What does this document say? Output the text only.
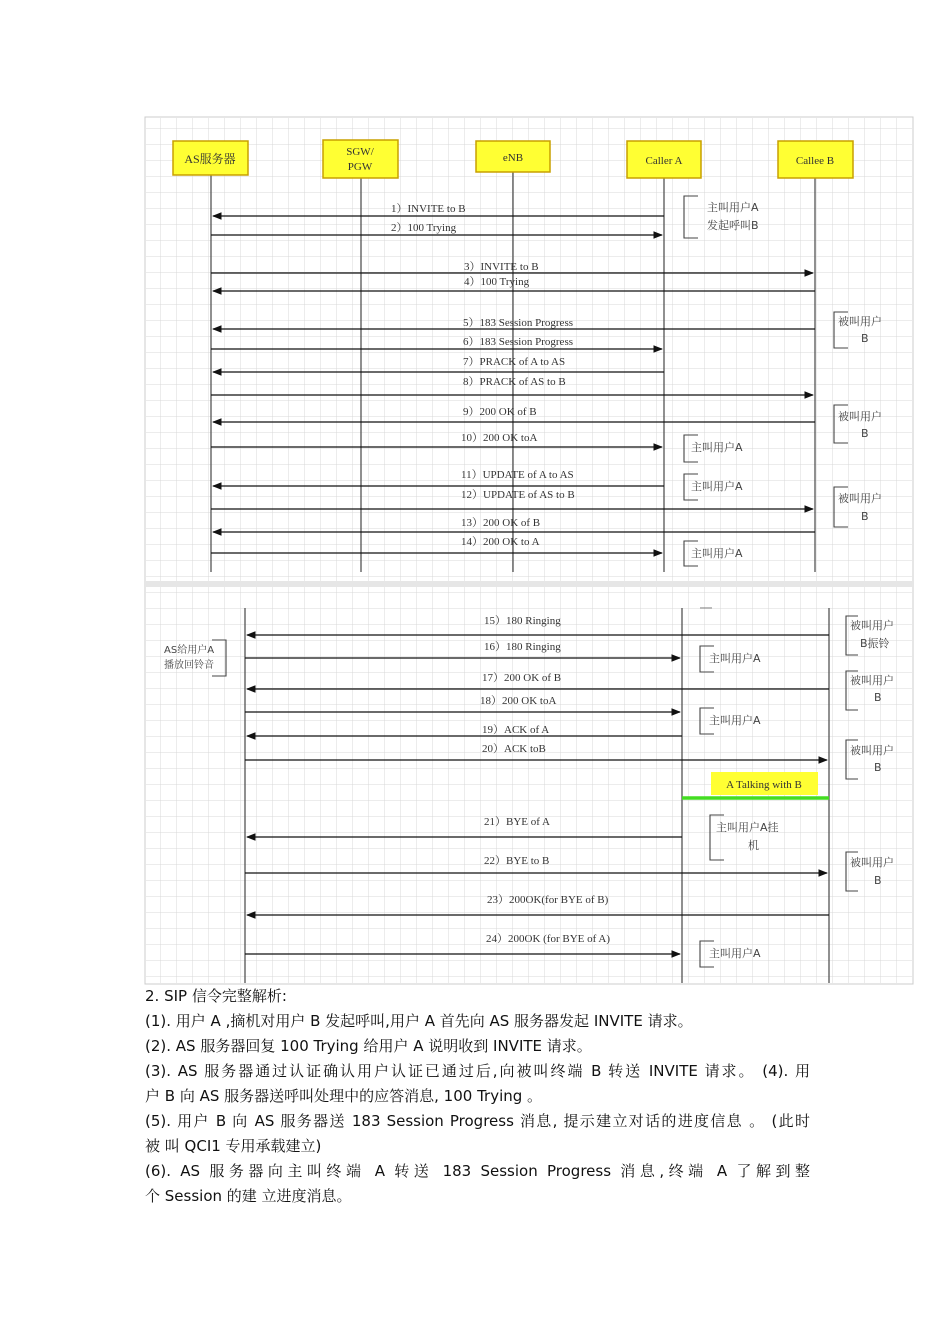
AS服务器	SGW/
PGW
eNB	Caller A	Callee B
1）INVITE to B
2）100 Trying
3）INVITE to B
4）100 Trying
5）183 Session Progress
6）183 Session Progress
7）PRACK of A to AS
8）PRACK of AS to B
9）200 OK of B
10）200 OK toA
11）UPDATE of A to AS
12）UPDATE of AS to B
13）200 OK of B
14）200 OK to A
主叫用户A
发起呼叫B
被叫用户
B
被叫用户
B
主叫用户A
主叫用户A
被叫用户
B
主叫用户A
AS给用户A
播放回铃音
15）180 Ringing
16）180 Ringing
17）200 OK of B
18）200 OK toA
19）ACK of A
20）ACK toB
21）BYE of A
22）BYE to B
23）200OK(for BYE of B)
24）200OK (for BYE of A)
A Talking with B
被叫用户
B振铃
主叫用户A
被叫用户
B
主叫用户A
被叫用户
B
主叫用户A挂
机
被叫用户
B
主叫用户A

2. SIP 信令完整解析:

(1). 用户 A ,摘机对用户 B 发起呼叫,用户 A 首先向 AS 服务器发起 INVITE 请求。

(2). AS 服务器回复 100 Trying 给用户 A 说明收到 INVITE 请求。

(3). AS 服务器通过认证确认用户认证已通过后,向被叫终端 B 转送 INVITE 请求。 (4). 用

户 B 向 AS 服务器送呼叫处理中的应答消息, 100 Trying 。

(5). 用户 B 向 AS 服务器送 183 Session Progress 消息, 提示建立对话的进度信息 。 (此时

被 叫 QCI1 专用承载建立)

(6). AS 服务器向主叫终端 A 转送 183 Session Progress 消息,终端 A 了解到整

个 Session 的建 立进度消息。
